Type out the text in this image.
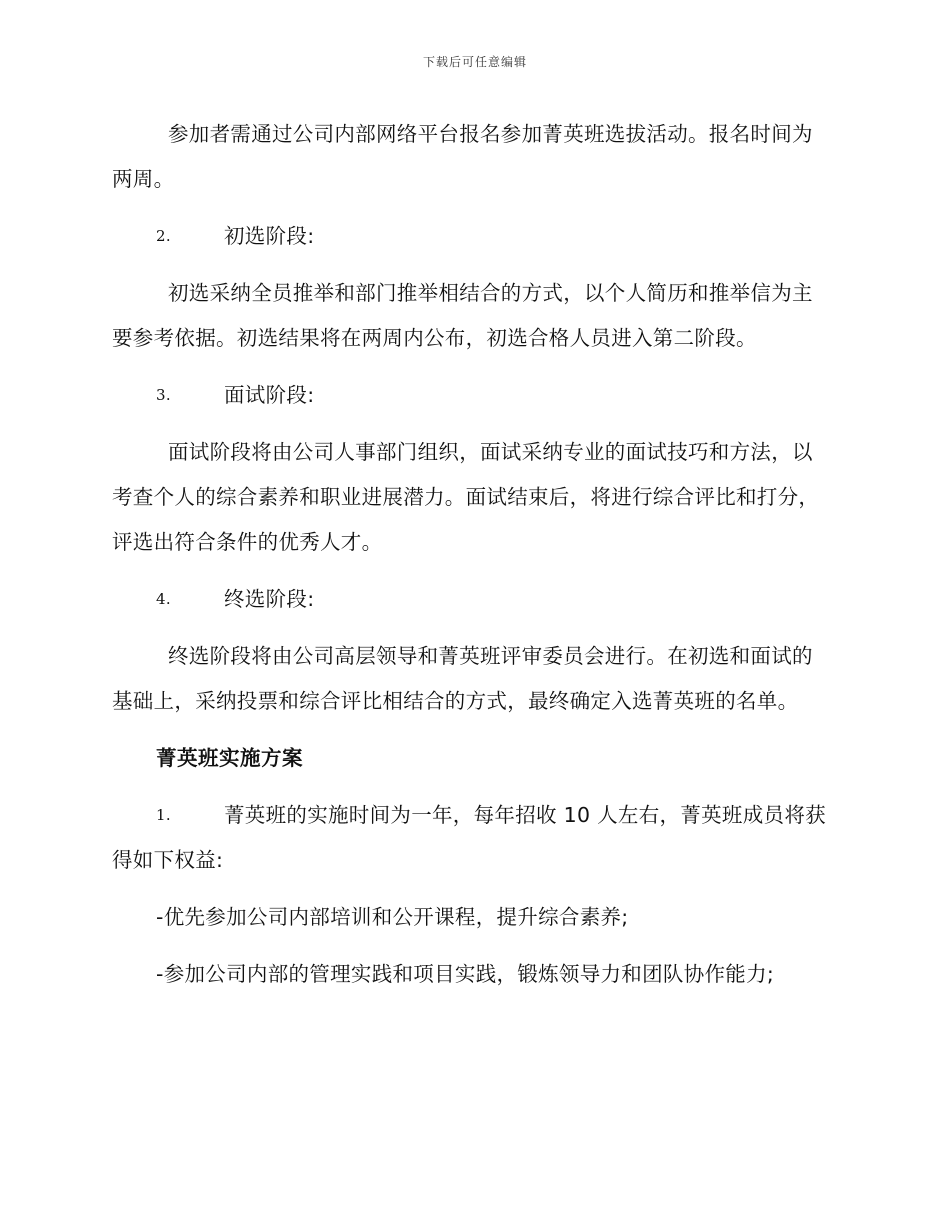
下载后可任意编辑

参加者需通过公司内部网络平台报名参加菁英班选拔活动。报名时间为两周。

2.	初选阶段:

初选采纳全员推举和部门推举相结合的方式，以个人简历和推举信为主要参考依据。初选结果将在两周内公布，初选合格人员进入第二阶段。

3.	面试阶段:

面试阶段将由公司人事部门组织，面试采纳专业的面试技巧和方法，以考查个人的综合素养和职业进展潜力。面试结束后，将进行综合评比和打分，评选出符合条件的优秀人才。

4.	终选阶段:

终选阶段将由公司高层领导和菁英班评审委员会进行。在初选和面试的基础上，采纳投票和综合评比相结合的方式，最终确定入选菁英班的名单。

菁英班实施方案
1.	菁英班的实施时间为一年，每年招收 10 人左右，菁英班成员将获得如下权益:
-优先参加公司内部培训和公开课程，提升综合素养;
-参加公司内部的管理实践和项目实践，锻炼领导力和团队协作能力;
